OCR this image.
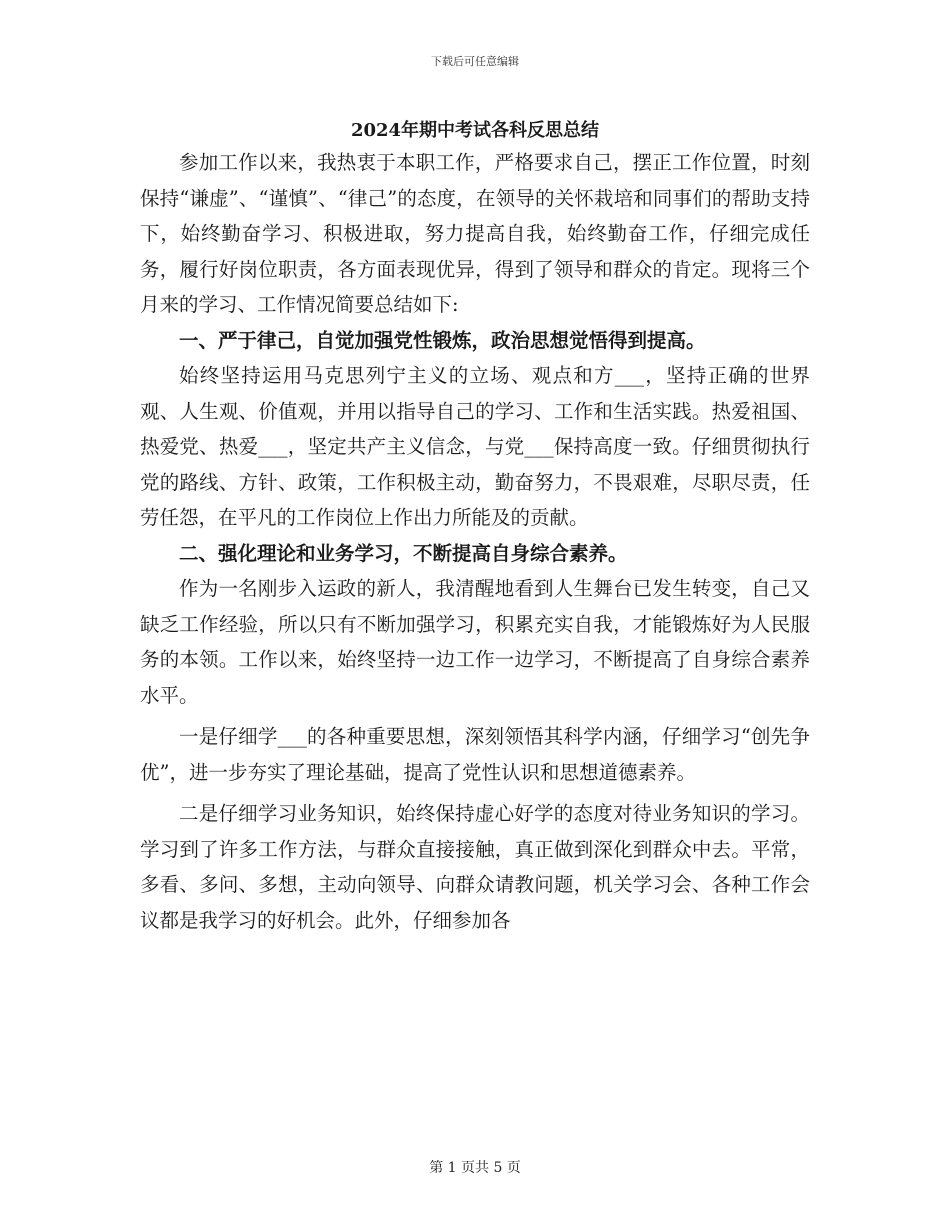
下载后可任意编辑
2024年期中考试各科反思总结

参加工作以来，我热衷于本职工作，严格要求自己，摆正工作位置，时刻保持“谦虚”、“谨慎”、“律己”的态度，在领导的关怀栽培和同事们的帮助支持下，始终勤奋学习、积极进取，努力提高自我，始终勤奋工作，仔细完成任务，履行好岗位职责，各方面表现优异，得到了领导和群众的肯定。现将三个月来的学习、工作情况简要总结如下:

一、严于律己，自觉加强党性锻炼，政治思想觉悟得到提高。

始终坚持运用马克思列宁主义的立场、观点和方___，坚持正确的世界观、人生观、价值观，并用以指导自己的学习、工作和生活实践。热爱祖国、热爱党、热爱___，坚定共产主义信念，与党___保持高度一致。仔细贯彻执行党的路线、方针、政策，工作积极主动，勤奋努力，不畏艰难，尽职尽责，任劳任怨，在平凡的工作岗位上作出力所能及的贡献。

二、强化理论和业务学习，不断提高自身综合素养。

作为一名刚步入运政的新人，我清醒地看到人生舞台已发生转变，自己又缺乏工作经验，所以只有不断加强学习，积累充实自我，才能锻炼好为人民服务的本领。工作以来，始终坚持一边工作一边学习，不断提高了自身综合素养水平。

一是仔细学___的各种重要思想，深刻领悟其科学内涵，仔细学习“创先争优”，进一步夯实了理论基础，提高了党性认识和思想道德素养。

二是仔细学习业务知识，始终保持虚心好学的态度对待业务知识的学习。学习到了许多工作方法，与群众直接接触，真正做到深化到群众中去。平常，多看、多问、多想，主动向领导、向群众请教问题，机关学习会、各种工作会议都是我学习的好机会。此外，仔细参加各

第 1 页共 5 页
